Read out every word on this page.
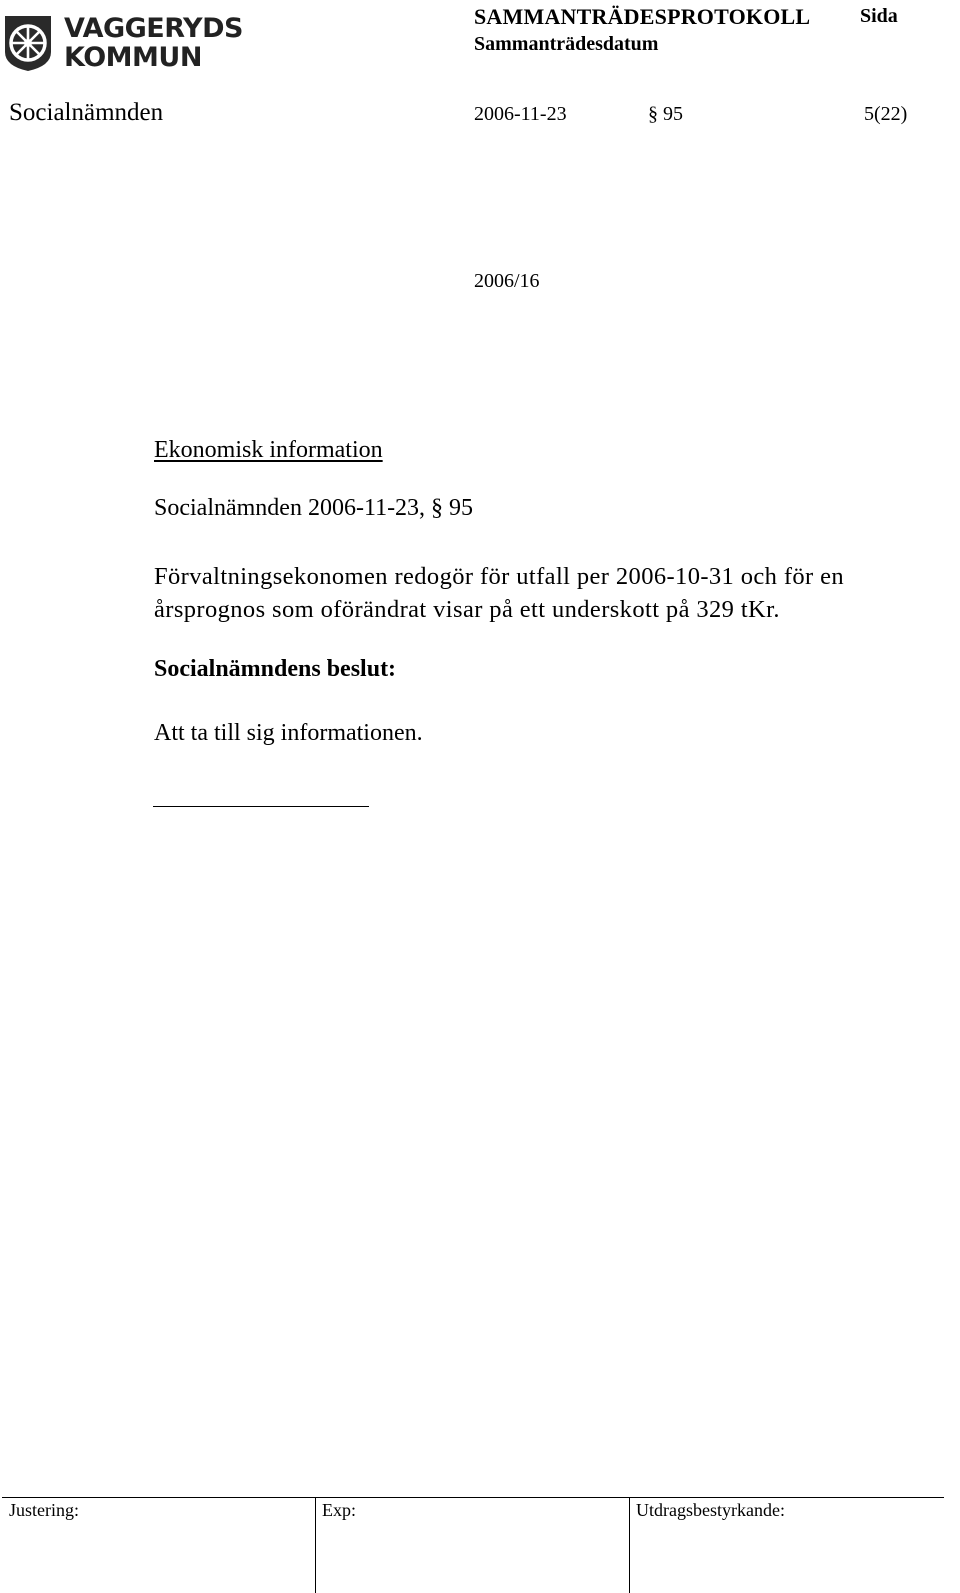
VAGGERYDS
KOMMUN
SAMMANTRÄDESPROTOKOLL Sida
Sammanträdesdatum
Socialnämnden	2006-11-23	§ 95	5(22)
2006/16
Ekonomisk information
Socialnämnden 2006-11-23, § 95
Förvaltningsekonomen redogör för utfall per 2006-10-31 och för en
årsprognos som oförändrat visar på ett underskott på 329 tKr.
Socialnämndens beslut:
Att ta till sig informationen.
Justering:	Exp:	Utdragsbestyrkande:
